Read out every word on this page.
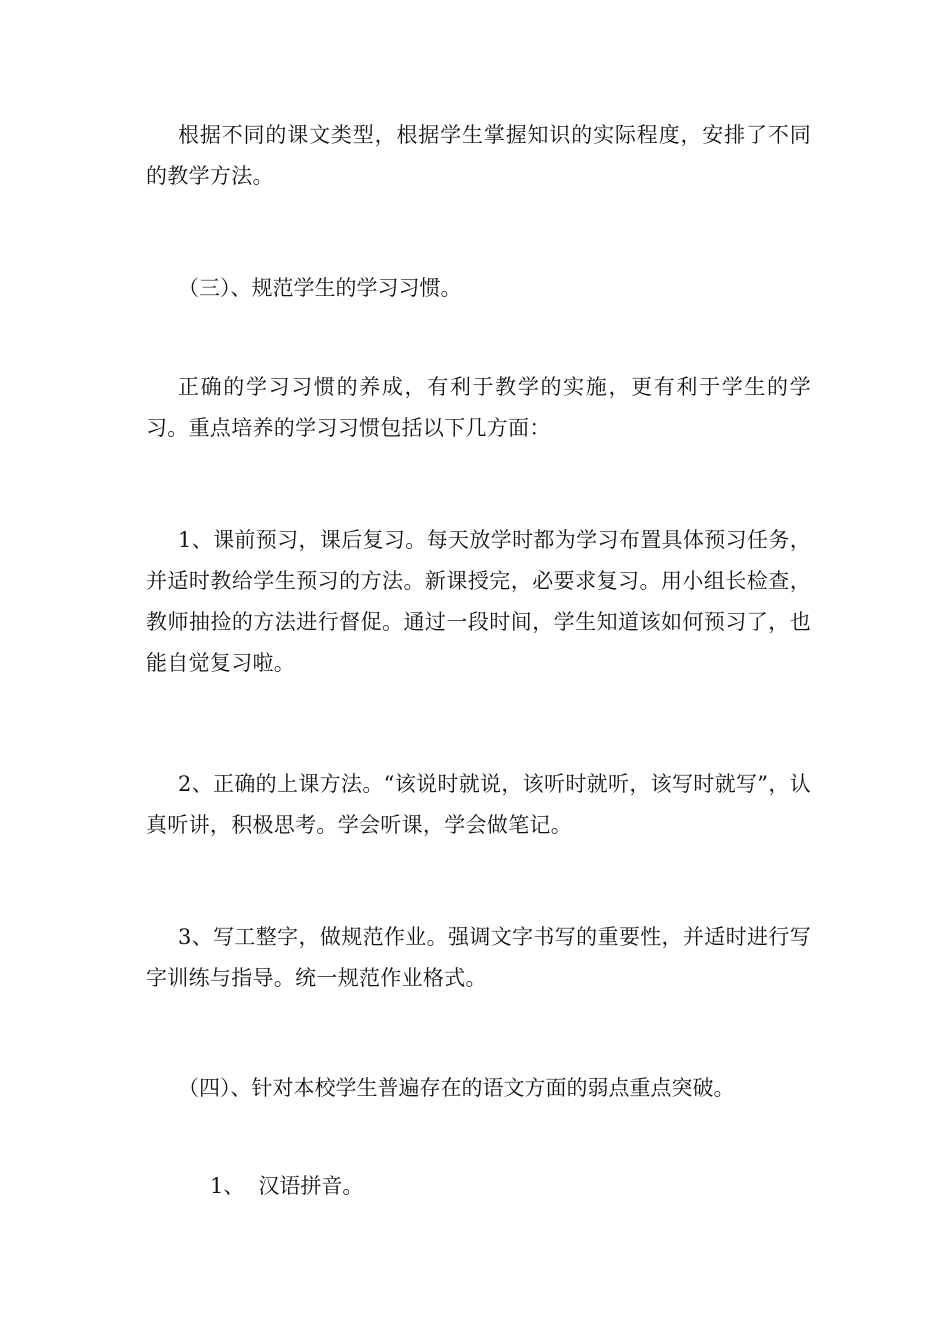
根据不同的课文类型，根据学生掌握知识的实际程度，安排了不同的教学方法。

（三）、规范学生的学习习惯。

正确的学习习惯的养成，有利于教学的实施，更有利于学生的学习。重点培养的学习习惯包括以下几方面：

1、课前预习，课后复习。每天放学时都为学习布置具体预习任务，并适时教给学生预习的方法。新课授完，必要求复习。用小组长检查，教师抽捡的方法进行督促。通过一段时间，学生知道该如何预习了，也能自觉复习啦。

2、正确的上课方法。“该说时就说，该听时就听，该写时就写”，认真听讲，积极思考。学会听课，学会做笔记。

3、写工整字，做规范作业。强调文字书写的重要性，并适时进行写字训练与指导。统一规范作业格式。

（四）、针对本校学生普遍存在的语文方面的弱点重点突破。

1、 汉语拼音。
